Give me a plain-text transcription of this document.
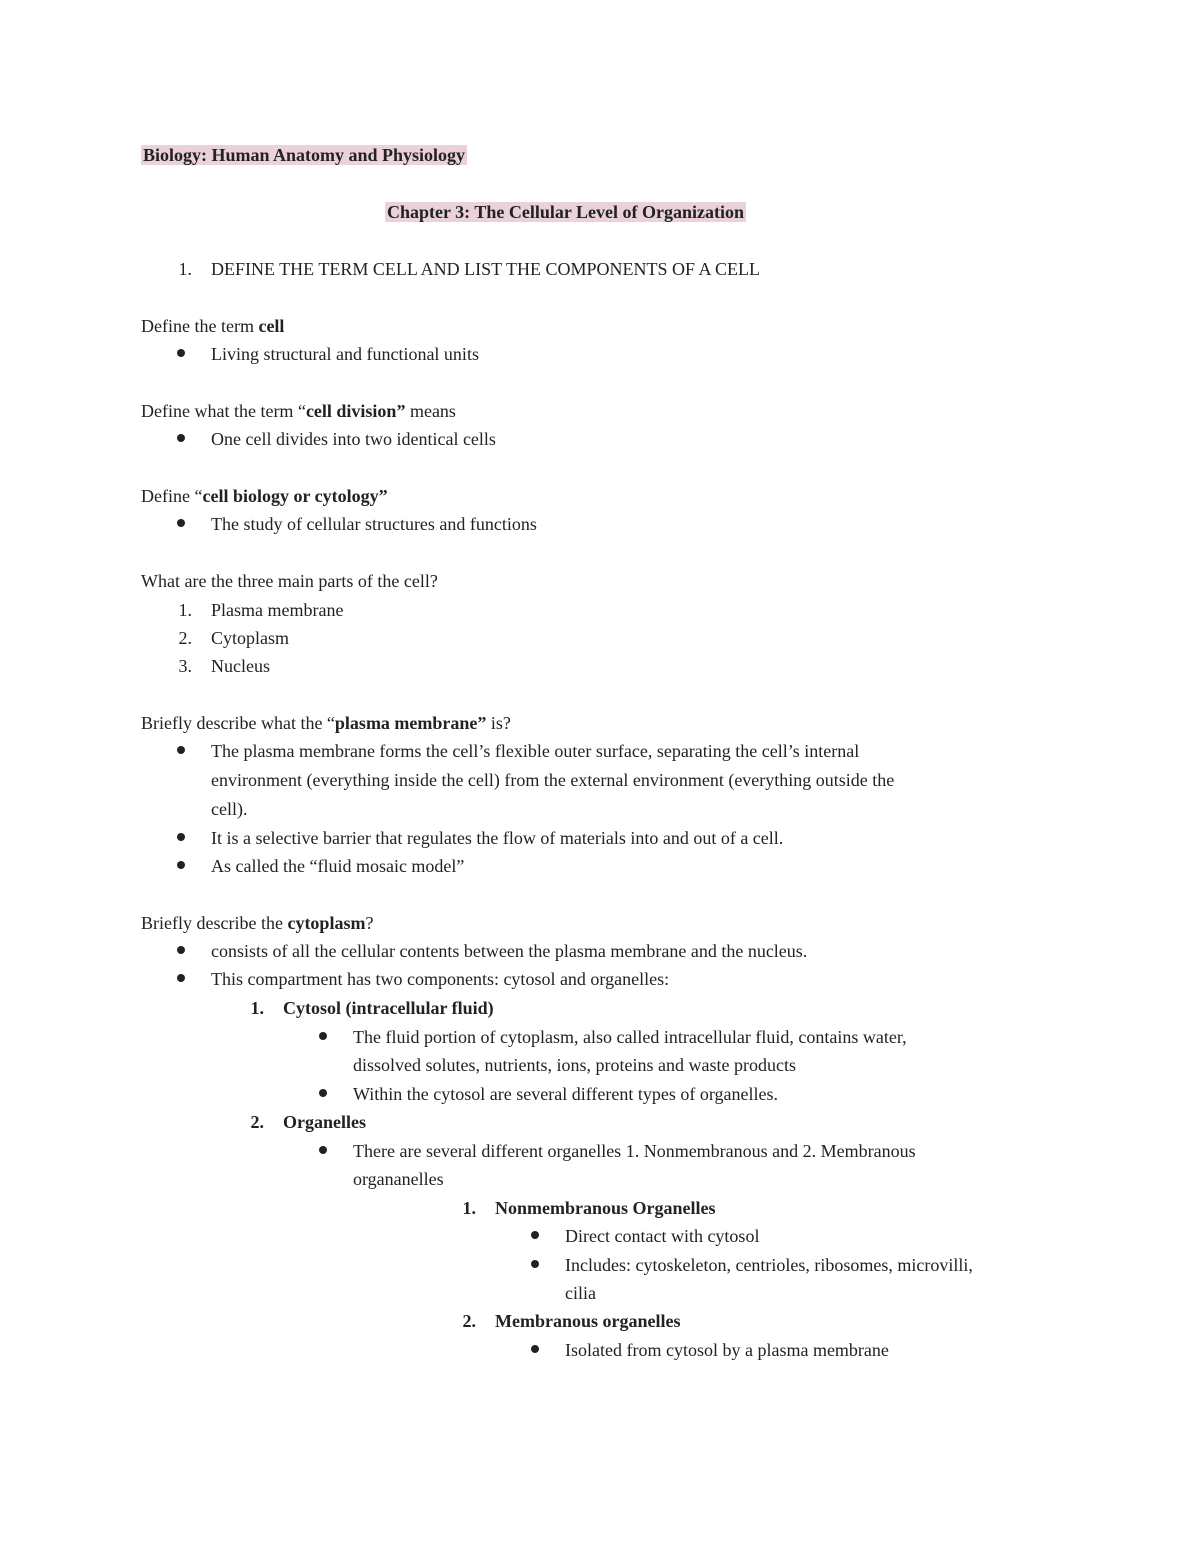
Biology: Human Anatomy and Physiology
Chapter 3: The Cellular Level of Organization
1. DEFINE THE TERM CELL AND LIST THE COMPONENTS OF A CELL
Define the term cell
Living structural and functional units
Define what the term “cell division” means
One cell divides into two identical cells
Define “cell biology or cytology”
The study of cellular structures and functions
What are the three main parts of the cell?
1. Plasma membrane
2. Cytoplasm
3. Nucleus
Briefly describe what the “plasma membrane” is?
The plasma membrane forms the cell’s flexible outer surface, separating the cell’s internal
environment (everything inside the cell) from the external environment (everything outside the
cell).
It is a selective barrier that regulates the flow of materials into and out of a cell.
As called the “fluid mosaic model”
Briefly describe the cytoplasm?
consists of all the cellular contents between the plasma membrane and the nucleus.
This compartment has two components: cytosol and organelles:
1. Cytosol (intracellular fluid)
The fluid portion of cytoplasm, also called intracellular fluid, contains water,
dissolved solutes, nutrients, ions, proteins and waste products
Within the cytosol are several different types of organelles.
2. Organelles
There are several different organelles 1. Nonmembranous and 2. Membranous
organanelles
1. Nonmembranous Organelles
Direct contact with cytosol
Includes: cytoskeleton, centrioles, ribosomes, microvilli,
cilia
2. Membranous organelles
Isolated from cytosol by a plasma membrane
